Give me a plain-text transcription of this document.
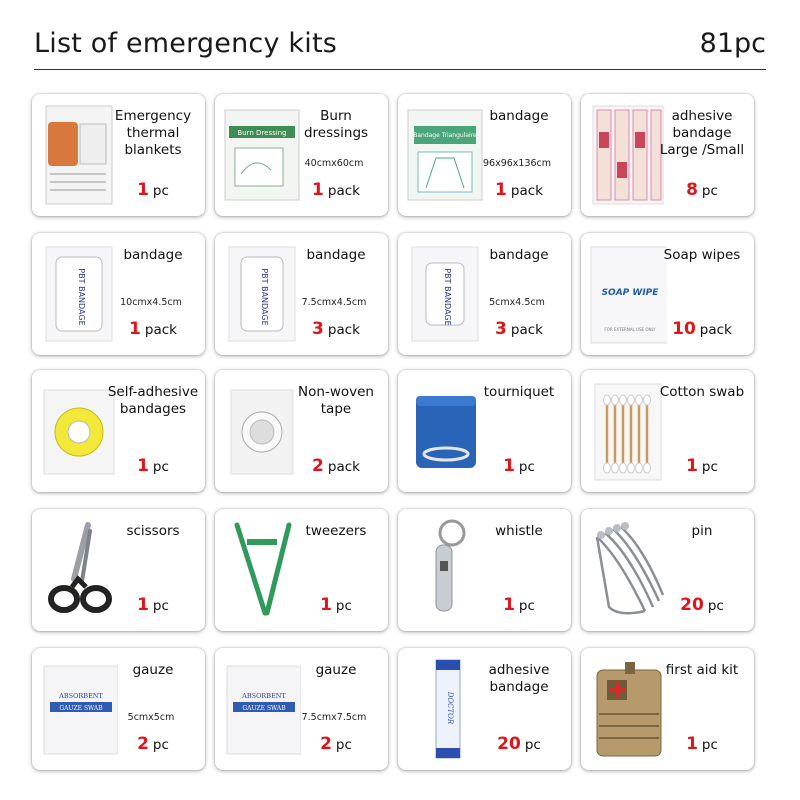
List of emergency kits	81pc
Emergency thermal blankets
1 pc
Burn Dressing
Burn dressings
40cmx60cm
1 pack
Bandage Triangulaire
bandage
96x96x136cm
1 pack
adhesive bandage Large /Small
8 pc
PBT BANDAGE
bandage
10cmx4.5cm
1 pack
PBT BANDAGE
bandage
7.5cmx4.5cm
3 pack
PBT BANDAGE
bandage
5cmx4.5cm
3 pack
SOAP WIPE
FOR EXTERNAL USE ONLY
Soap wipes
10 pack
Self-adhesive bandages
1 pc
Non-woven tape
2 pack
tourniquet
1 pc
Cotton swab
1 pc
scissors
1 pc
tweezers
1 pc
whistle
1 pc
pin
20 pc
ABSORBENT
GAUZE SWAB
gauze
5cmx5cm
2 pc
ABSORBENT
GAUZE SWAB
gauze
7.5cmx7.5cm
2 pc
DOCTOR
adhesive bandage
20 pc
first aid kit
1 pc
